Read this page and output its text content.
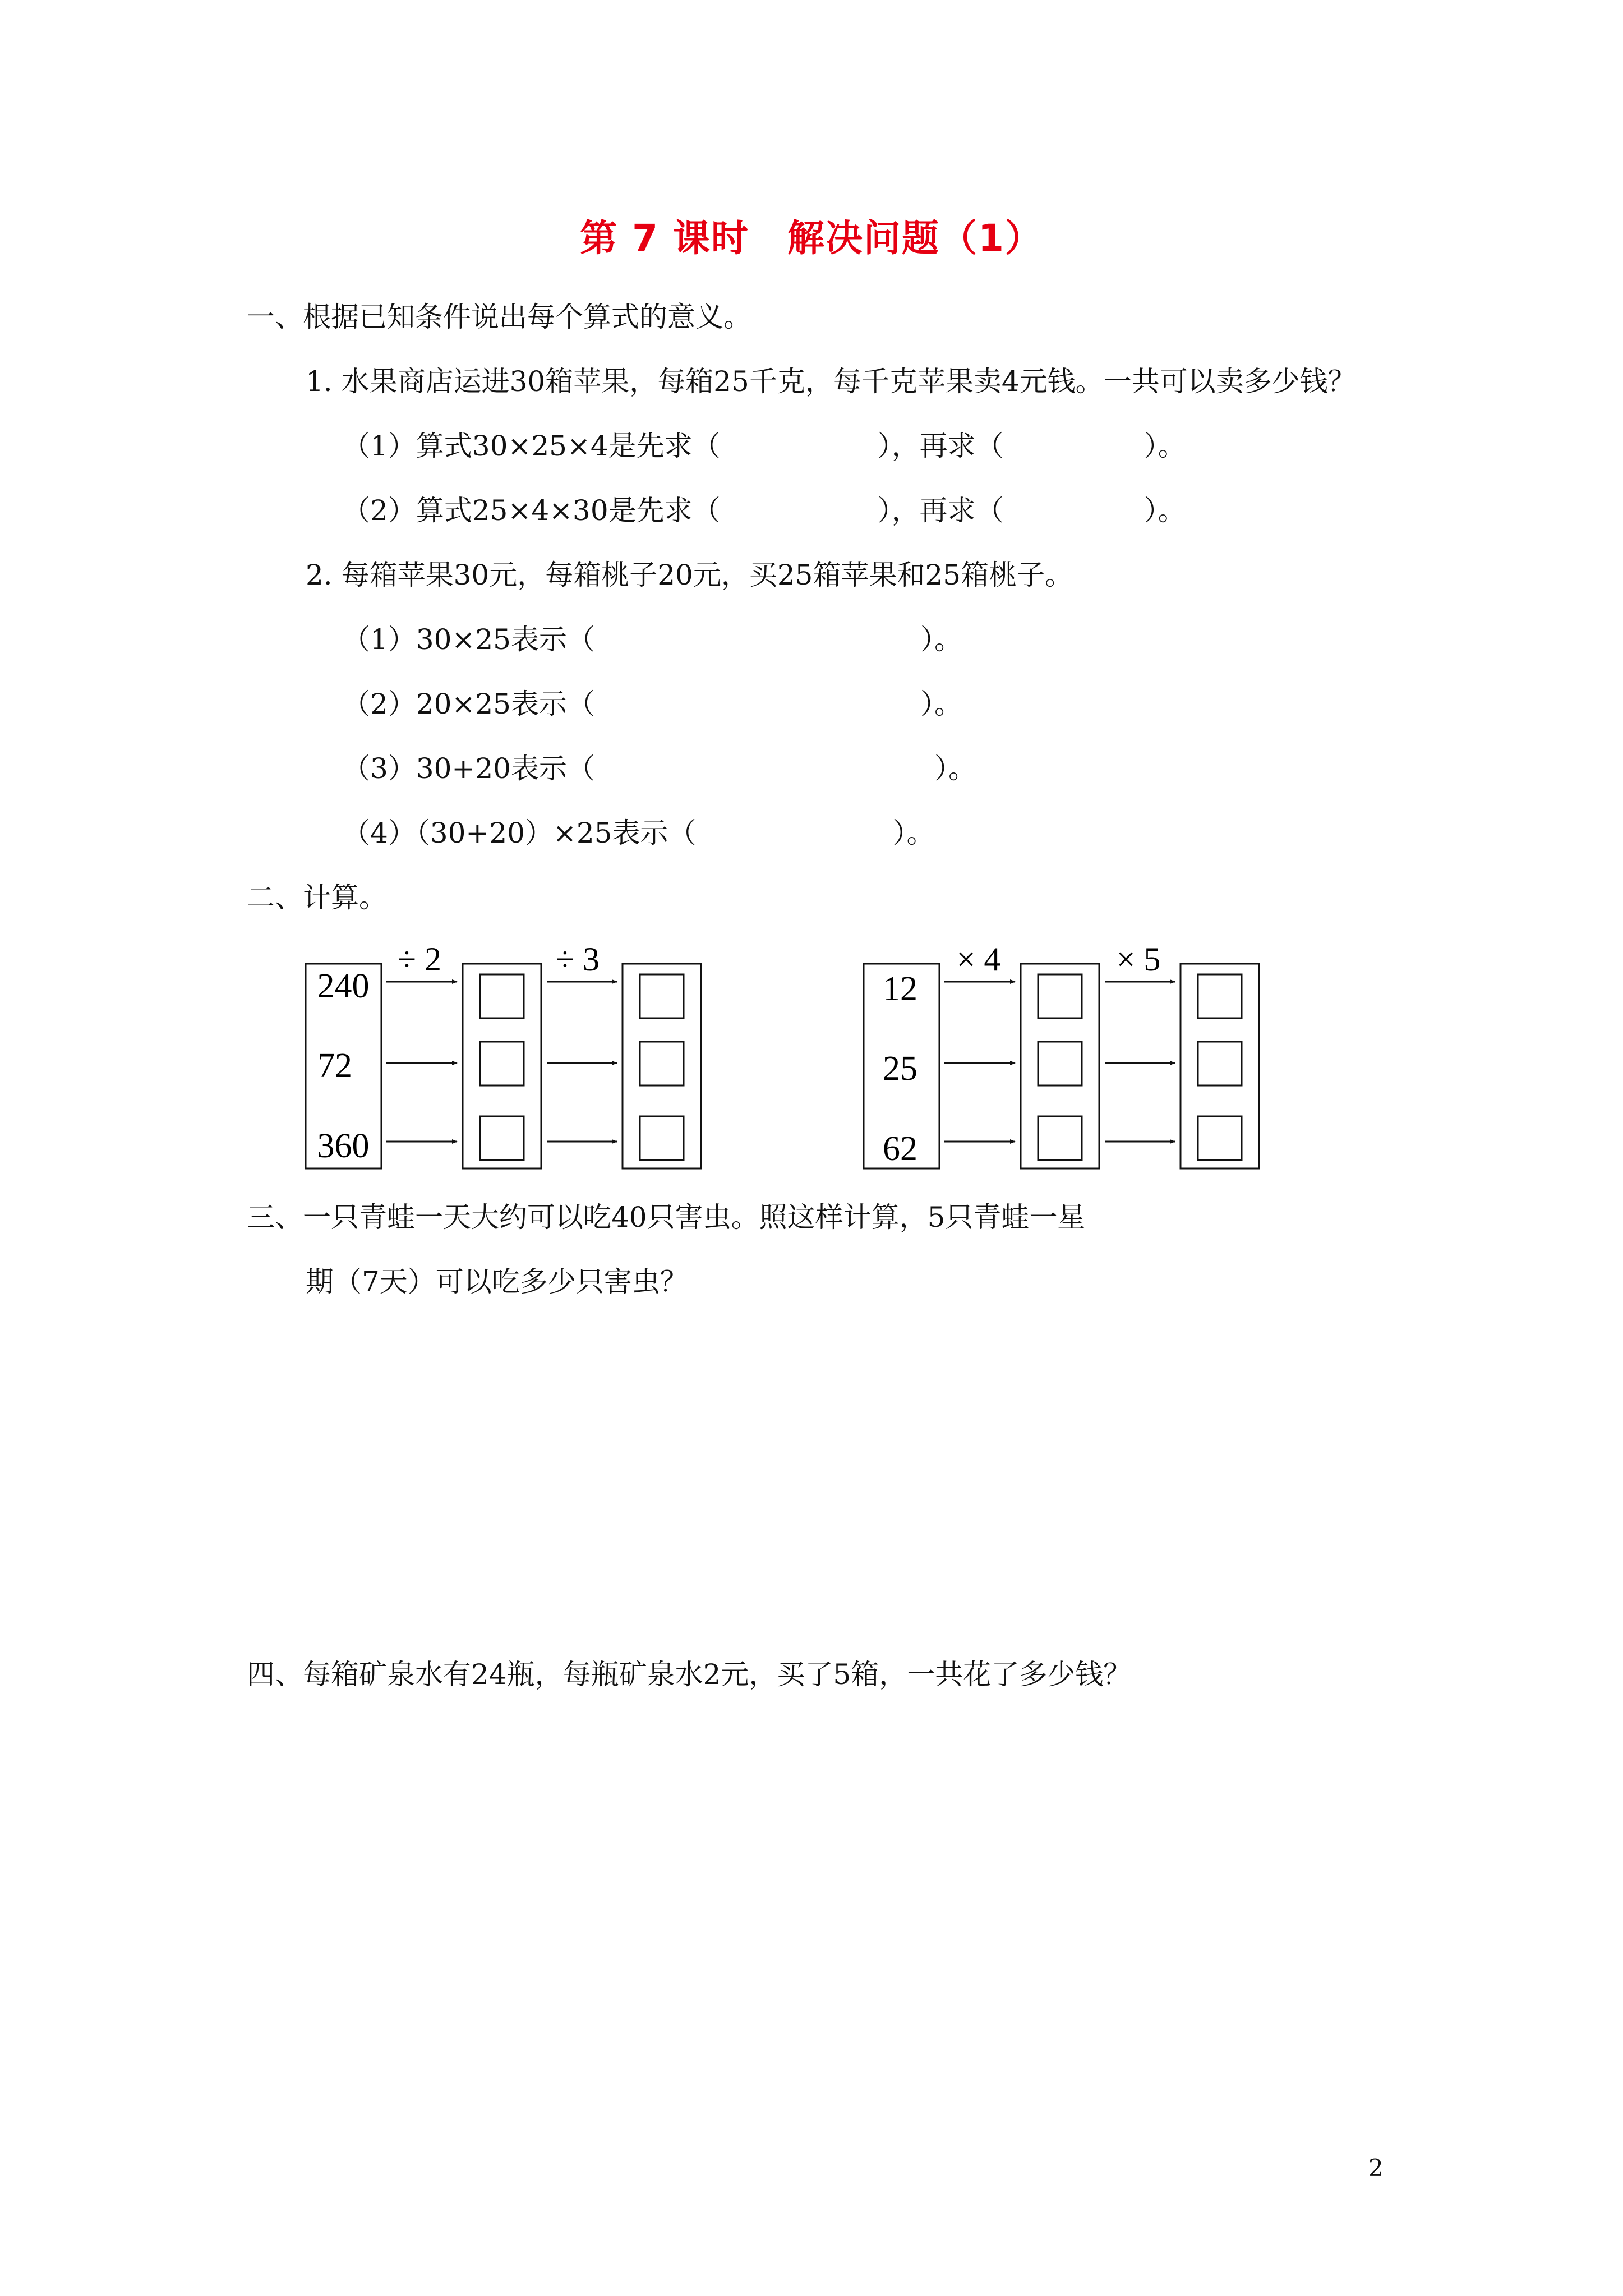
第 7 课时　解决问题（1）
一、根据已知条件说出每个算式的意义。
1. 水果商店运进30箱苹果，每箱25千克，每千克苹果卖4元钱。一共可以卖多少钱？
（1）算式30×25×4是先求（	），再求（	）。
（2）算式25×4×30是先求（	），再求（	）。
2. 每箱苹果30元，每箱桃子20元，买25箱苹果和25箱桃子。
（1）30×25表示（	）。
（2）20×25表示（	）。
（3）30+20表示（	）。
（4）（30+20）×25表示（	）。
二、计算。
240
72
360
÷ 2	÷ 3
12
25
62
× 4	× 5
三、一只青蛙一天大约可以吃40只害虫。照这样计算，5只青蛙一星
期（7天）可以吃多少只害虫？
四、每箱矿泉水有24瓶，每瓶矿泉水2元，买了5箱，一共花了多少钱？
2
